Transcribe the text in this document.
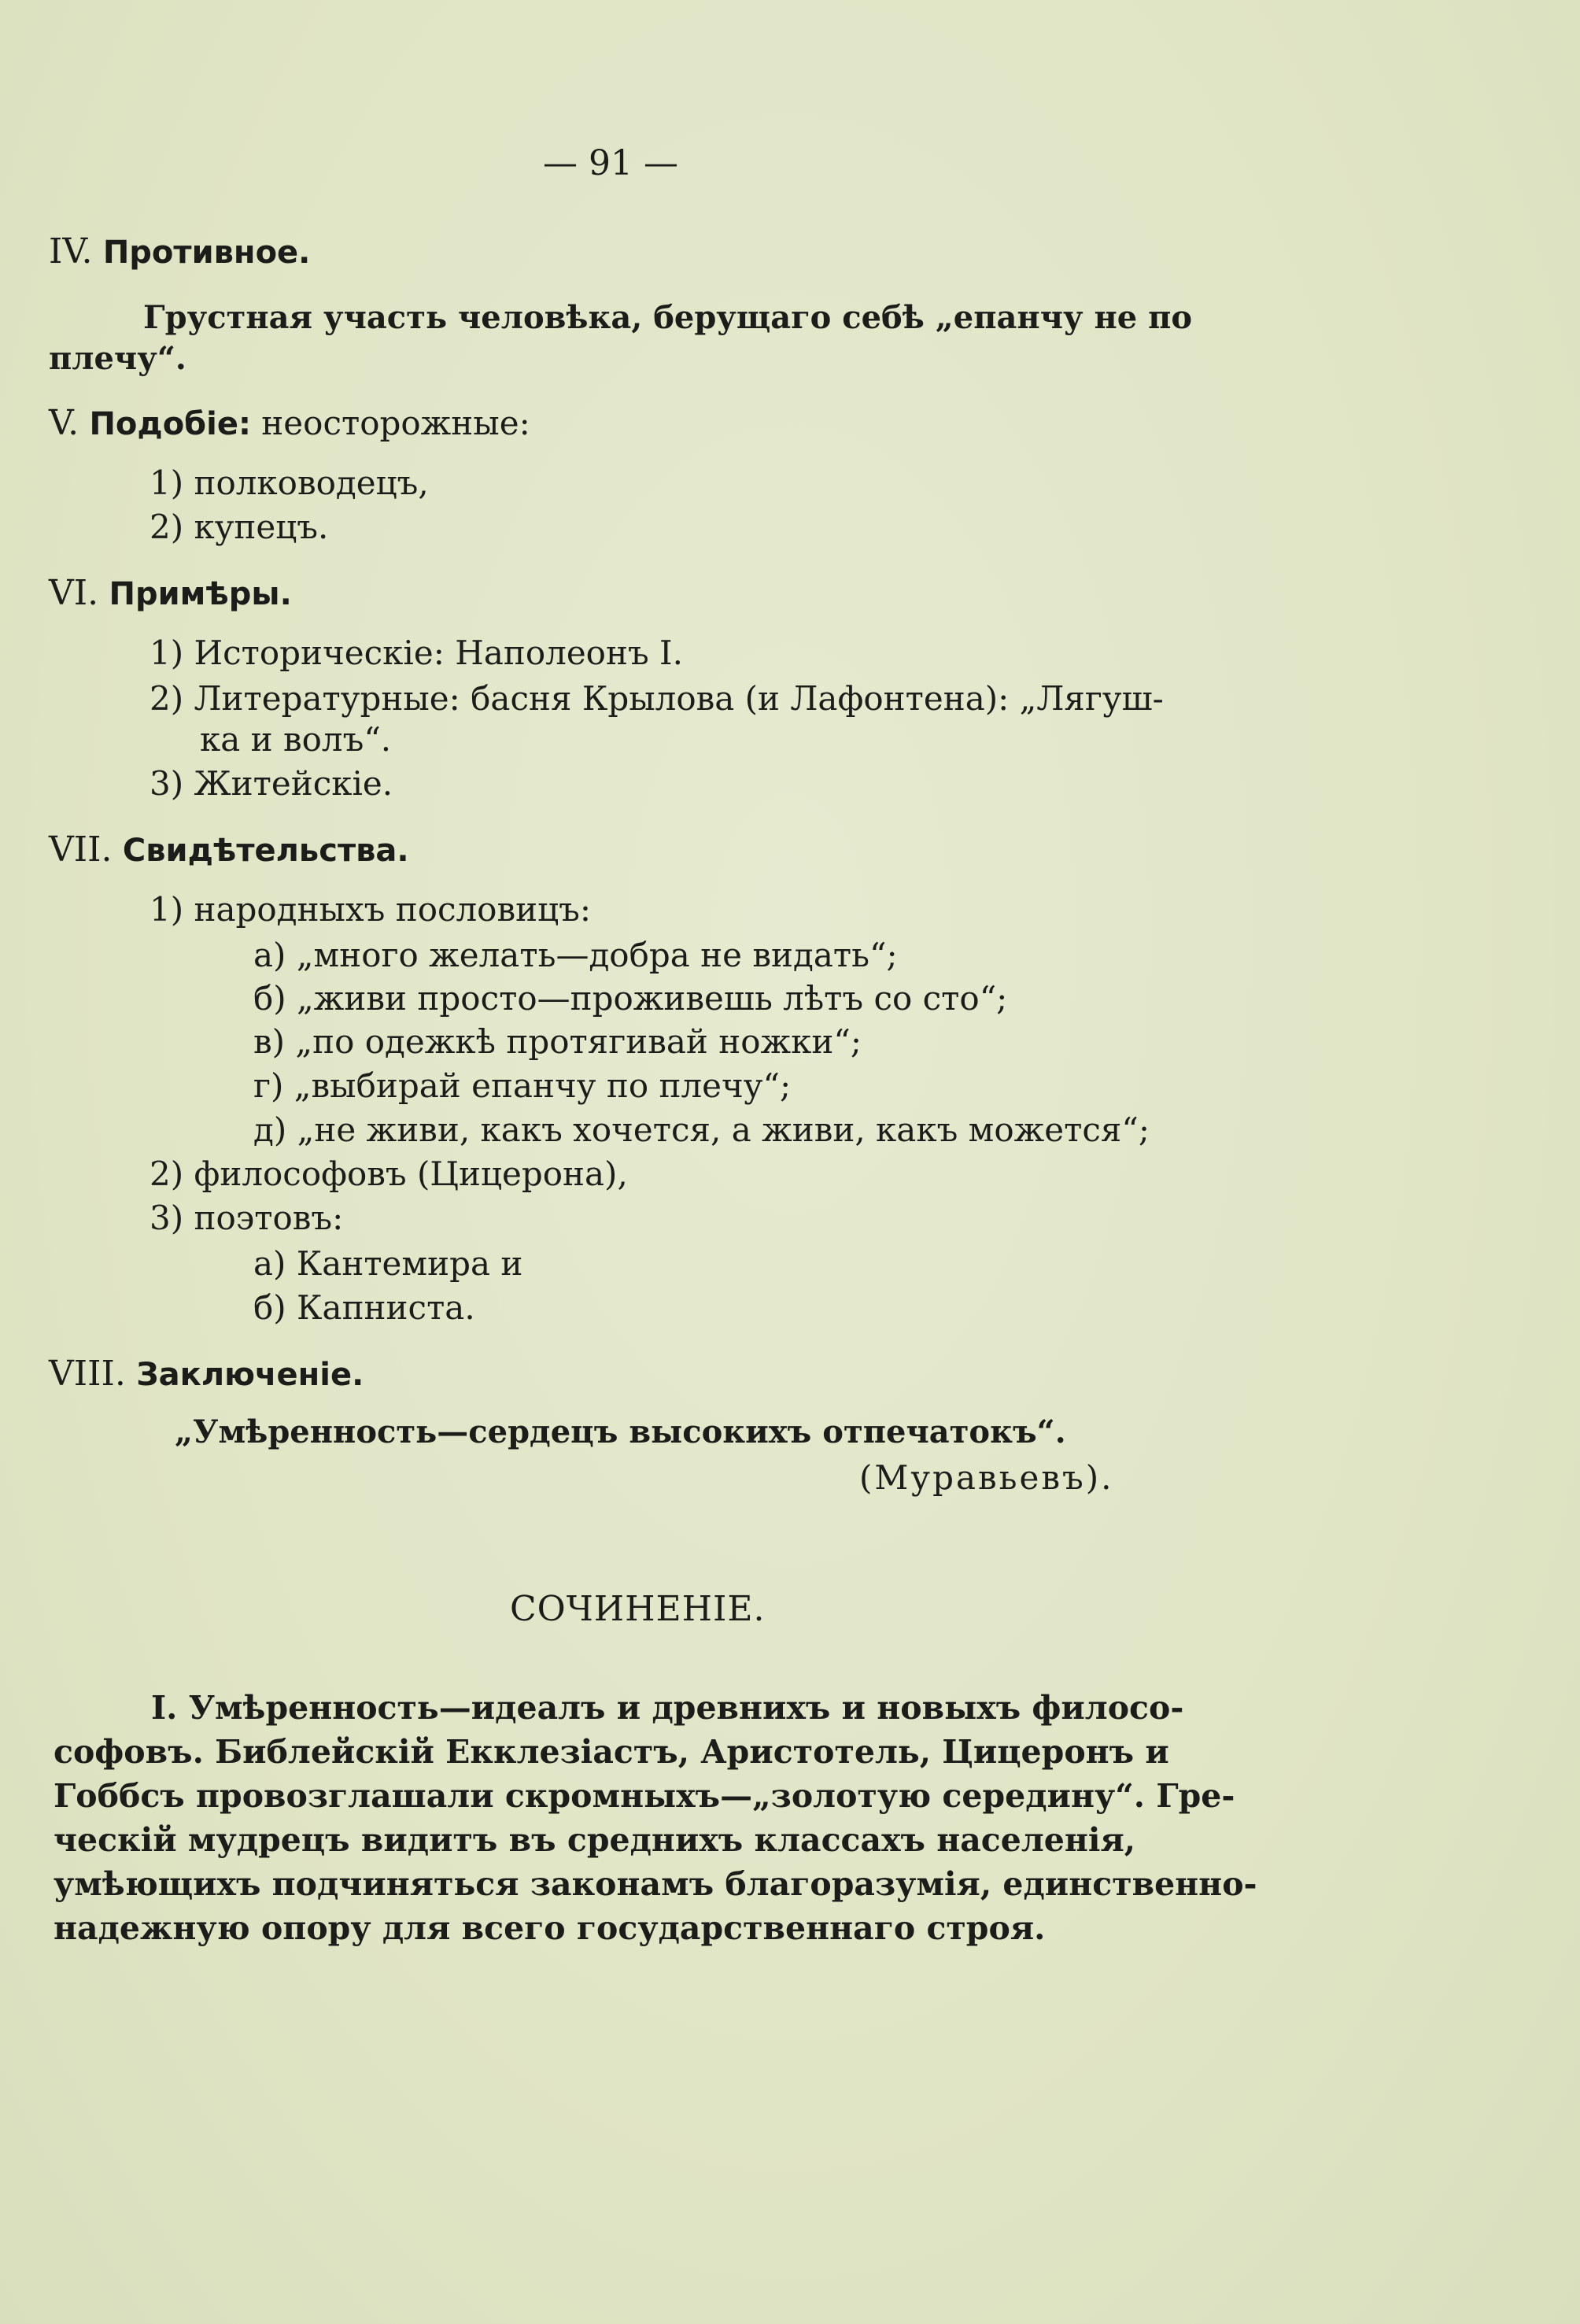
— 91 —
IV. Противное.
Грустная участь человѣка, берущаго себѣ „епанчу не по
плечу“.
V. Подобіе: неосторожные:
1) полководецъ,
2) купецъ.
VI. Примѣры.
1) Историческіе: Наполеонъ I.
2) Литературные: басня Крылова (и Лафонтена): „Лягуш-
ка и волъ“.
3) Житейскіе.
VII. Свидѣтельства.
1) народныхъ пословицъ:
а) „много желать—добра не видать“;
б) „живи просто—проживешь лѣтъ со сто“;
в) „по одежкѣ протягивай ножки“;
г) „выбирай епанчу по плечу“;
д) „не живи, какъ хочется, а живи, какъ можется“;
2) философовъ (Цицерона),
3) поэтовъ:
а) Кантемира и
б) Капниста.
VIII. Заключеніе.
„Умѣренность—сердецъ высокихъ отпечатокъ“.
(Муравьевъ).
СОЧИНЕНІЕ.
I. Умѣренность—идеалъ и древнихъ и новыхъ филосо-
софовъ. Библейскій Екклезіастъ, Аристотель, Цицеронъ и
Гоббсъ провозглашали скромныхъ—„золотую середину“. Гре-
ческій мудрецъ видитъ въ среднихъ классахъ населенія,
умѣющихъ подчиняться законамъ благоразумія, единственно-
надежную опору для всего государственнаго строя.
